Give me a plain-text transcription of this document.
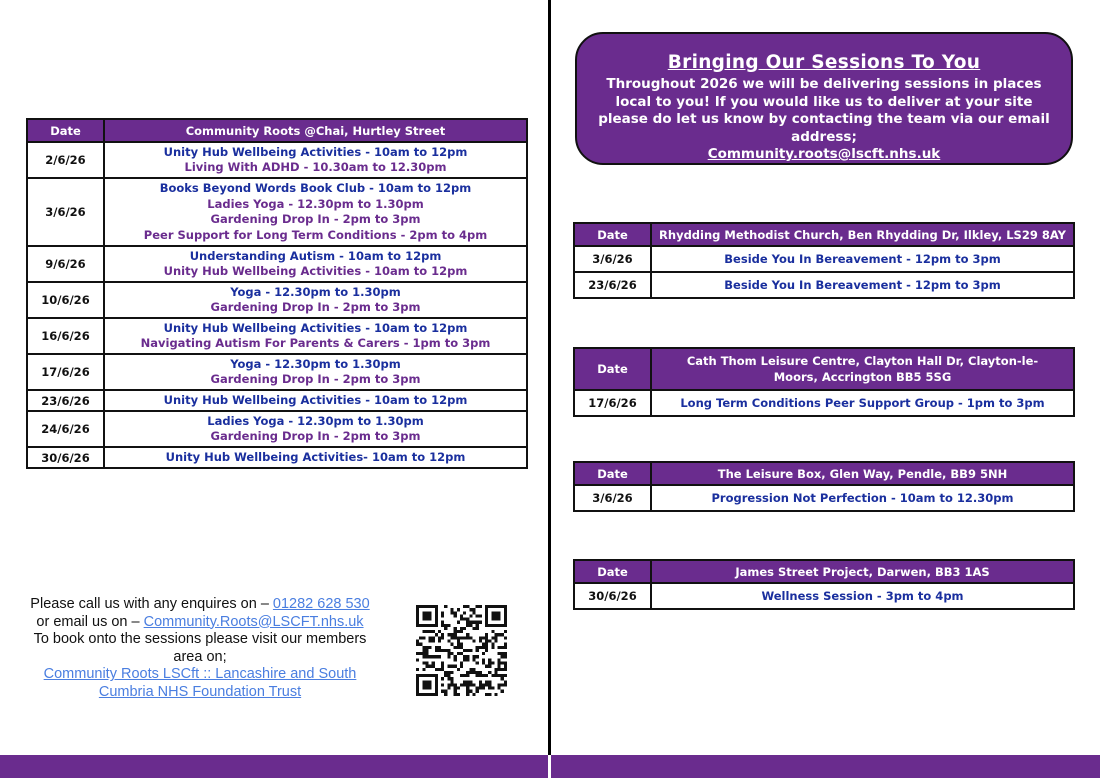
Date	Community Roots @Chai, Hurtley Street
2/6/26	Unity Hub Wellbeing Activities - 10am to 12pm
Living With ADHD - 10.30am to 12.30pm

3/6/26	Books Beyond Words Book Club - 10am to 12pm
Ladies Yoga - 12.30pm to 1.30pm
Gardening Drop In - 2pm to 3pm
Peer Support for Long Term Conditions - 2pm to 4pm

9/6/26	Understanding Autism - 10am to 12pm
Unity Hub Wellbeing Activities - 10am to 12pm

10/6/26	Yoga - 12.30pm to 1.30pm
Gardening Drop In - 2pm to 3pm

16/6/26	Unity Hub Wellbeing Activities - 10am to 12pm
Navigating Autism For Parents & Carers - 1pm to 3pm

17/6/26	Yoga - 12.30pm to 1.30pm
Gardening Drop In - 2pm to 3pm

23/6/26	Unity Hub Wellbeing Activities - 10am to 12pm

24/6/26	Ladies Yoga - 12.30pm to 1.30pm
Gardening Drop In - 2pm to 3pm

30/6/26	Unity Hub Wellbeing Activities- 10am to 12pm
Bringing Our Sessions To You
Throughout 2026 we will be delivering sessions in places local to you! If you would like us to deliver at your site please do let us know by contacting the team via our email address;
Community.roots@lscft.nhs.uk
Date	Rhydding Methodist Church, Ben Rhydding Dr, Ilkley, LS29 8AY
3/6/26	Beside You In Bereavement - 12pm to 3pm
23/6/26	Beside You In Bereavement - 12pm to 3pm
Date	Cath Thom Leisure Centre, Clayton Hall Dr, Clayton-le-Moors, Accrington BB5 5SG
17/6/26	Long Term Conditions Peer Support Group - 1pm to 3pm
Date	The Leisure Box, Glen Way, Pendle, BB9 5NH
3/6/26	Progression Not Perfection - 10am to 12.30pm
Date	James Street Project, Darwen, BB3 1AS
30/6/26	Wellness Session - 3pm to 4pm
Please call us with any enquires on – 01282 628 530
or email us on – Community.Roots@LSCFT.nhs.uk
To book onto the sessions please visit our members area on;
Community Roots LSCft :: Lancashire and South Cumbria NHS Foundation Trust
